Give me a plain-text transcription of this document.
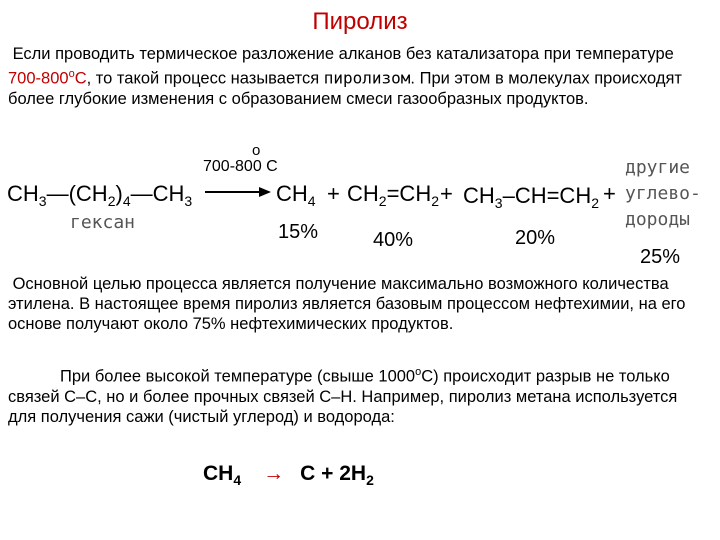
Пиролиз
Если проводить термическое разложение алканов без катализатора при температуре $700-800^оС$, то такой процесс называется пиролизом. При этом в молекулах происходят более глубокие изменения с образованием смеси газообразных продуктов.
$CH_3—(CH_2)_4—CH_3$
гексан
700-800 C
o
$CH_4 + CH_2=CH_2 + CH_3-CH=CH_2$ +
другие
углево-
дороды
15%	40%	20%
25%
Основной целью процесса является получение максимально возможного количества этилена. В настоящее время пиролиз является базовым процессом нефтехимии, на его основе получают около 75% нефтехимических продуктов.
При более высокой температуре (свыше $1000^оС$) происходит разрыв не только связей С–С, но и более прочных связей С–Н. Например, пиролиз метана используется для получения сажи (чистый углерод) и водорода:
$CH_4 \to C + 2H_2$
